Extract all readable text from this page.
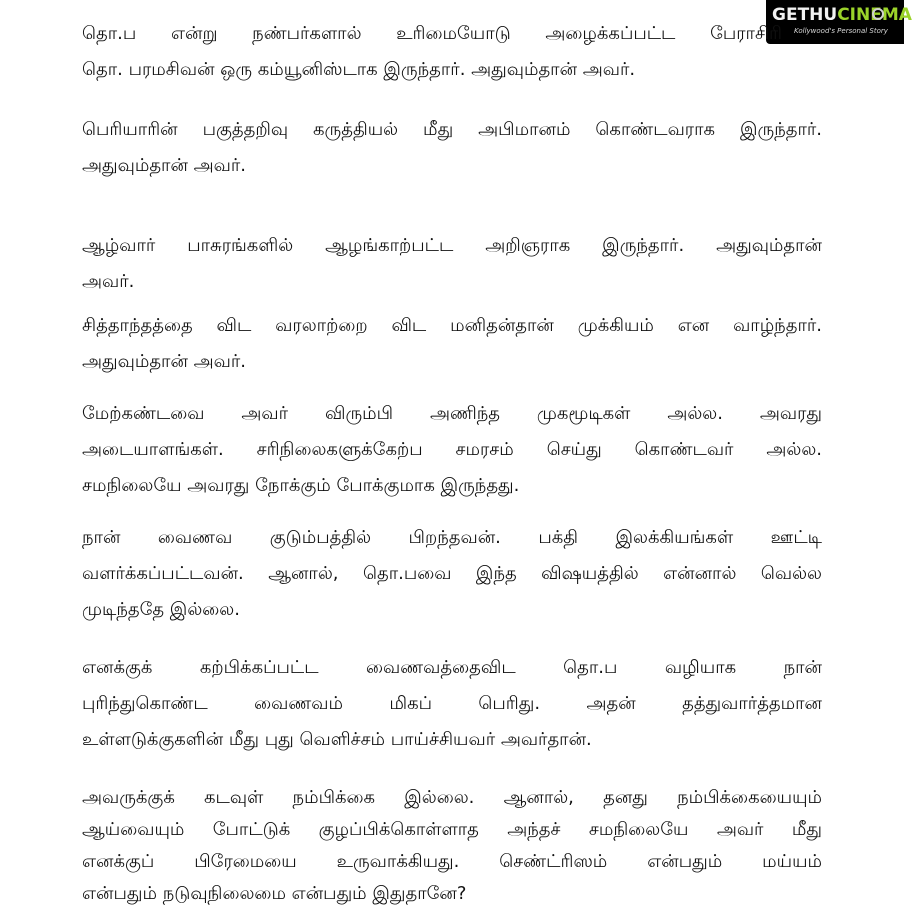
GETHUCINEMA
Kollywood's Personal Story

தொ.ப என்று நண்பர்களால் உரிமையோடு அழைக்கப்பட்ட பேராசிரி
தொ. பரமசிவன் ஒரு கம்யூனிஸ்டாக இருந்தார். அதுவும்தான் அவர்.

பெரியாரின் பகுத்தறிவு கருத்தியல் மீது அபிமானம் கொண்டவராக இருந்தார்.
அதுவும்தான் அவர்.

ஆழ்வார் பாசுரங்களில் ஆழங்காற்பட்ட அறிஞராக இருந்தார். அதுவும்தான்
அவர்.

சித்தாந்தத்தை விட வரலாற்றை விட மனிதன்தான் முக்கியம் என வாழ்ந்தார்.
அதுவும்தான் அவர்.

மேற்கண்டவை அவர் விரும்பி அணிந்த முகமூடிகள் அல்ல. அவரது
அடையாளங்கள். சரிநிலைகளுக்கேற்ப சமரசம் செய்து கொண்டவர் அல்ல.
சமநிலையே அவரது நோக்கும் போக்குமாக இருந்தது.

நான் வைணவ குடும்பத்தில் பிறந்தவன். பக்தி இலக்கியங்கள் ஊட்டி
வளர்க்கப்பட்டவன். ஆனால், தொ.பவை இந்த விஷயத்தில் என்னால் வெல்ல
முடிந்ததே இல்லை.

எனக்குக் கற்பிக்கப்பட்ட வைணவத்தைவிட தொ.ப வழியாக நான்
புரிந்துகொண்ட வைணவம் மிகப் பெரிது. அதன் தத்துவார்த்தமான
உள்ளடுக்குகளின் மீது புது வெளிச்சம் பாய்ச்சியவர் அவர்தான்.

அவருக்குக் கடவுள் நம்பிக்கை இல்லை. ஆனால், தனது நம்பிக்கையையும்
ஆய்வையும் போட்டுக் குழப்பிக்கொள்ளாத அந்தச் சமநிலையே அவர் மீது
எனக்குப் பிரேமையை உருவாக்கியது. செண்ட்ரிஸம் என்பதும் மய்யம்
என்பதும் நடுவுநிலைமை என்பதும் இதுதானே?
